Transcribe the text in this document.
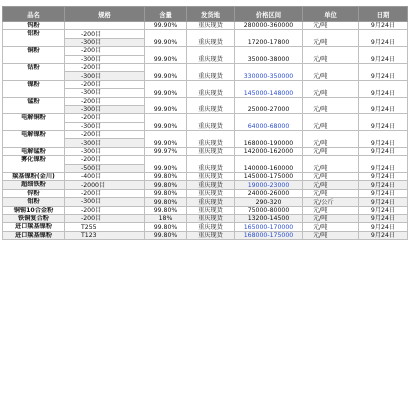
品名	规格	含量	发货地	价格区间	单位	日期
钨粉		99.90%	重庆现货	280000-360000	元/吨	9月24日
铝粉	-200目	99.90%	重庆现货	17200-17800	元/吨	9月24日
	-300目					
铜粉	-200目	99.90%	重庆现货	35000-38000	元/吨	9月24日
	-300目					
钴粉	-200目	99.90%	重庆现货	330000-350000	元/吨	9月24日
	-300目					
镍粉	-200目	99.90%	重庆现货	145000-148000	元/吨	9月24日
	-300目					
锰粉	-200目	99.90%	重庆现货	25000-27000	元/吨	9月24日
	-300目					
电解铜粉	-200目	99.90%	重庆现货	64000-68000	元/吨	9月24日
	-300目					
电解镍粉	-200目	99.90%	重庆现货	168000-190000	元/吨	9月24日
	-300目					
电解锰粉	-300目	99.97%	重庆现货	142000-162000	元/吨	9月24日
雾化镍粉	-200目	99.90%	重庆现货	140000-160000	元/吨	9月24日
	-500目					
羰基镍粉(金川)	-400目	99.80%	重庆现货	145000-175000	元/吨	9月24日
超细铁粉	-2000目	99.80%	重庆现货	19000-23000	元/吨	9月24日
锌粉	-200目	99.80%	重庆现货	24000-26000	元/吨	9月24日
钼粉	-300目	99.80%	重庆现货	290-320	元/公斤	9月24日
铜锡10合金粉	-200目	99.80%	重庆现货	75000-80000	元/吨	9月24日
铁铜复合粉	-200目	18%	重庆现货	13200-14500	元/吨	9月24日
进口羰基镍粉	T255	99.80%	重庆现货	165000-170000	元/吨	9月24日
进口羰基镍粉	T123	99.80%	重庆现货	168000-175000	元/吨	9月24日
